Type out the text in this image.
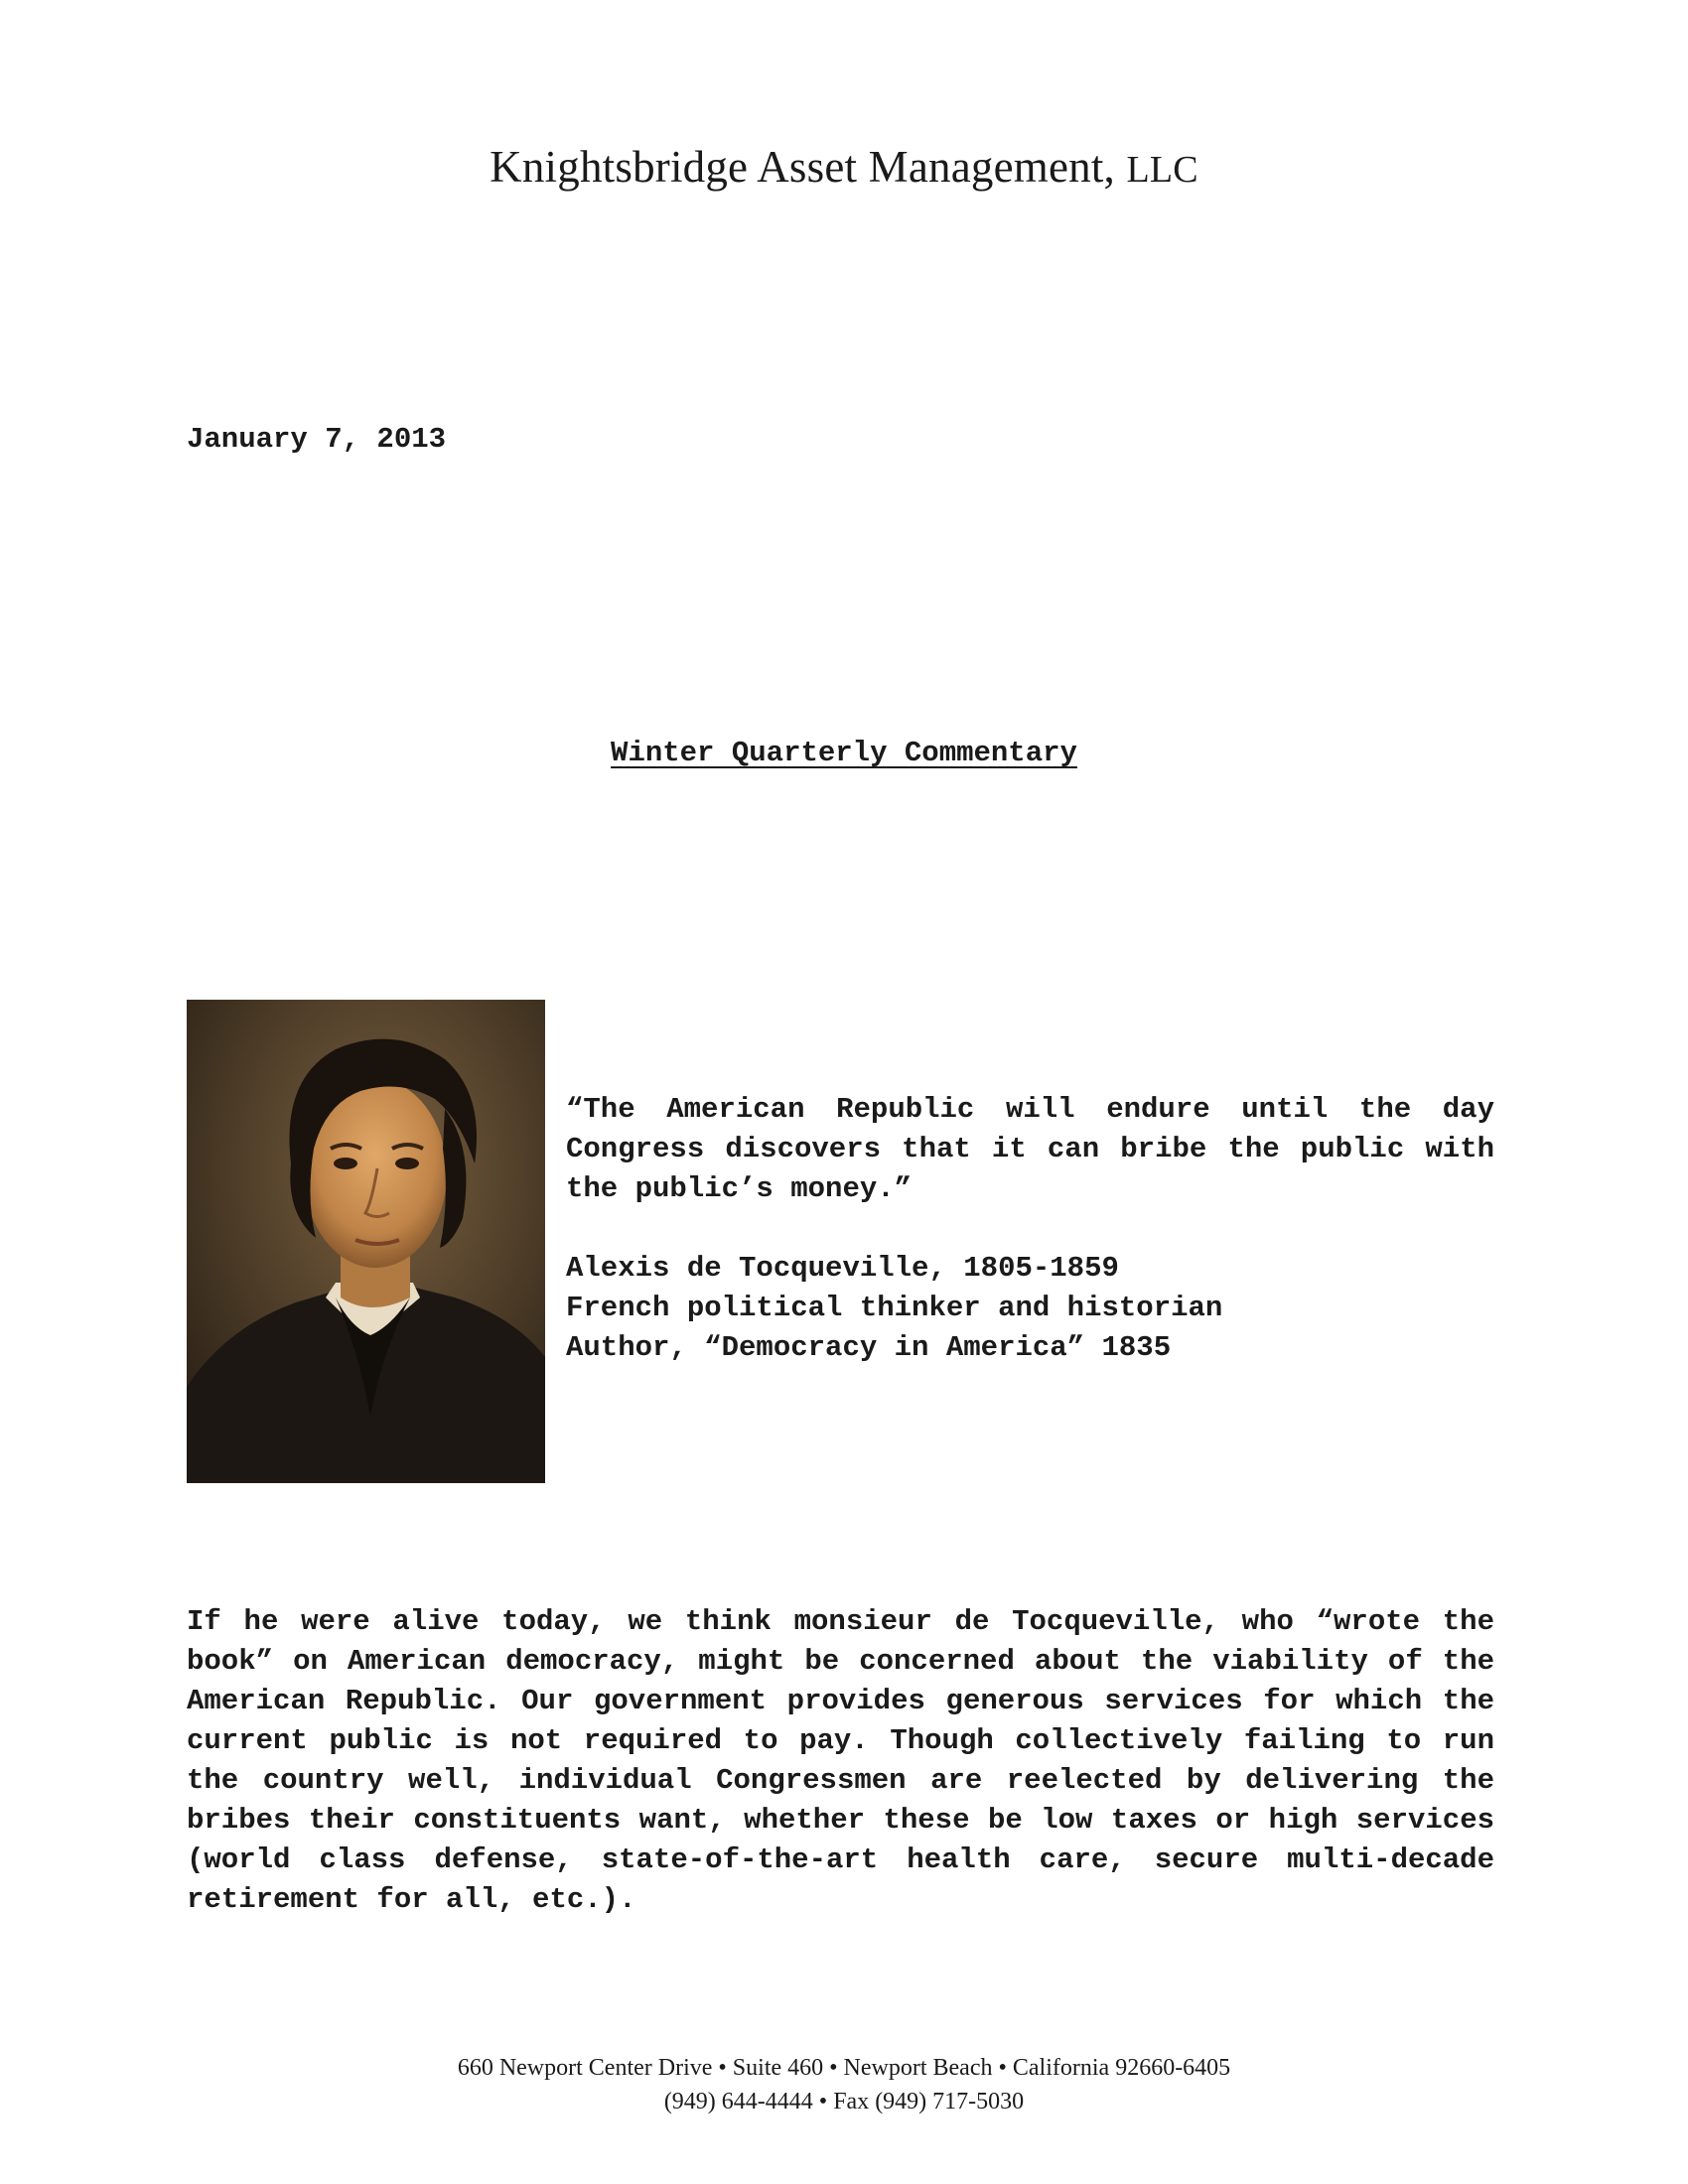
Knightsbridge Asset Management, LLC
January 7, 2013
Winter Quarterly Commentary

“The American Republic will endure until the day Congress discovers that it can bribe the public with the public’s money.”

Alexis de Tocqueville, 1805-1859
French political thinker and historian
Author, “Democracy in America” 1835

If he were alive today, we think monsieur de Tocqueville, who “wrote the book” on American democracy, might be concerned about the viability of the American Republic. Our government provides generous services for which the current public is not required to pay. Though collectively failing to run the country well, individual Congressmen are reelected by delivering the bribes their constituents want, whether these be low taxes or high services (world class defense, state-of-the-art health care, secure multi-decade retirement for all, etc.).

660 Newport Center Drive • Suite 460 • Newport Beach • California 92660-6405
(949) 644-4444 • Fax (949) 717-5030
